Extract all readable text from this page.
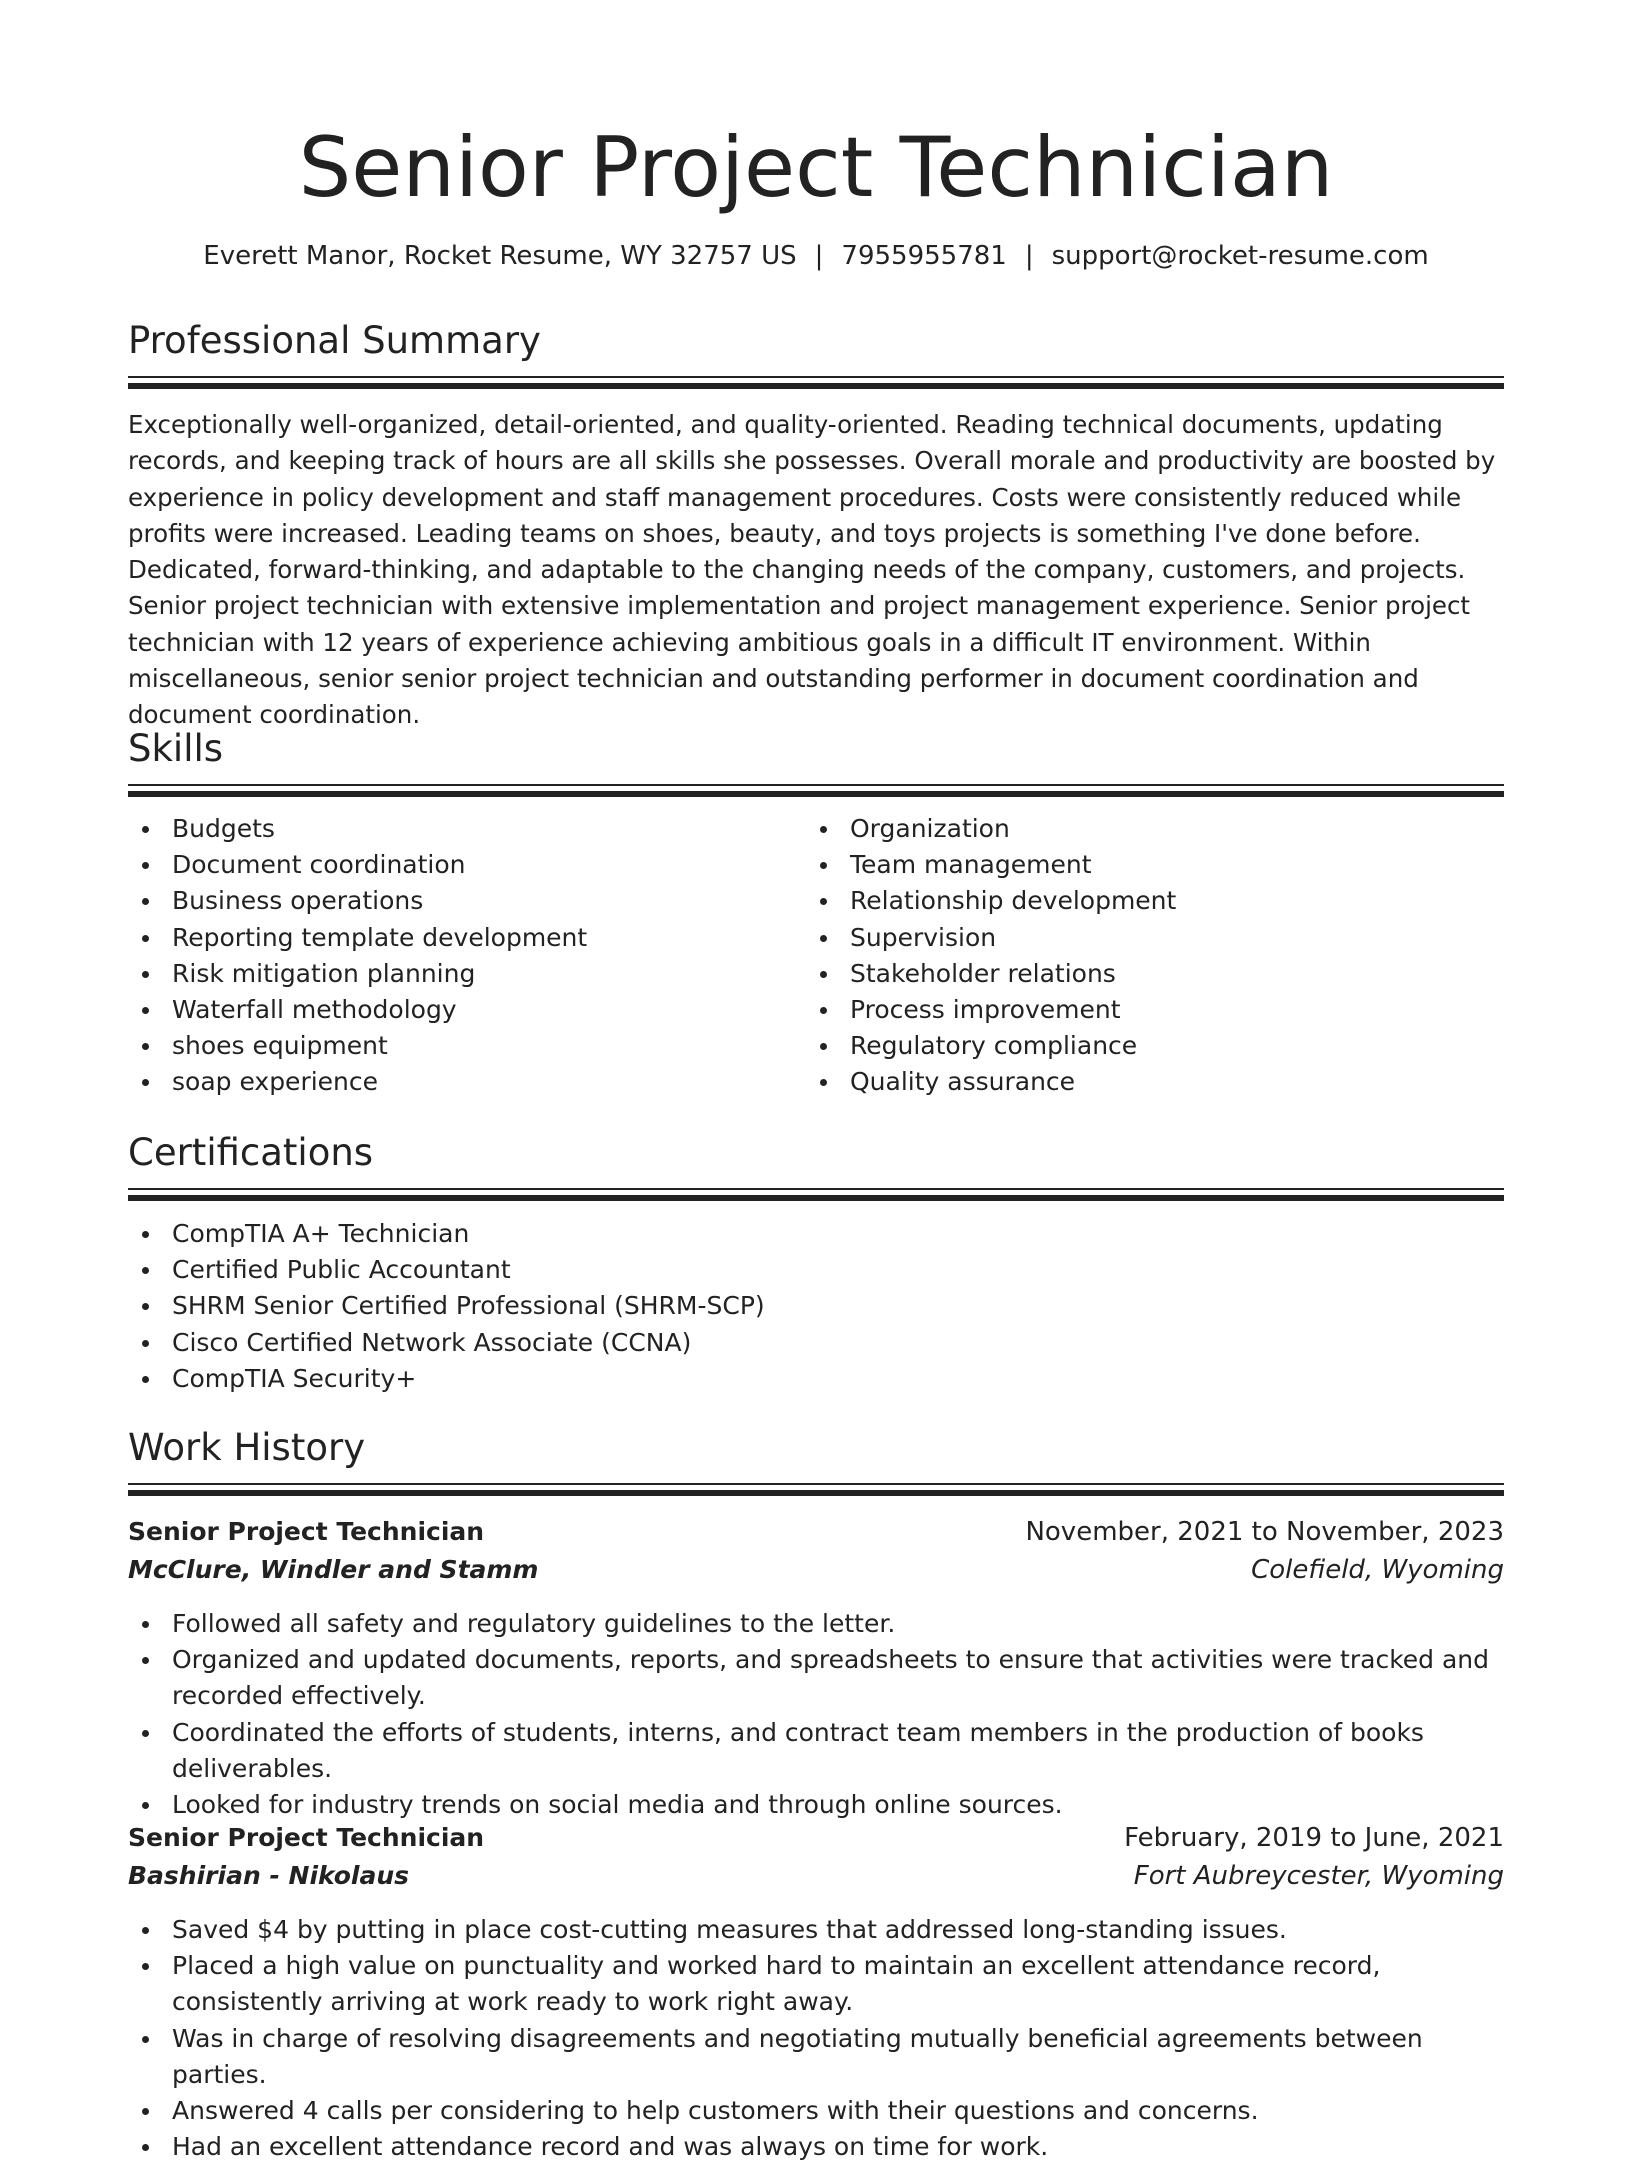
Senior Project Technician
Everett Manor, Rocket Resume, WY 32757 US | 7955955781 | support@rocket-resume.com
Professional Summary

Exceptionally well-organized, detail-oriented, and quality-oriented. Reading technical documents, updating records, and keeping track of hours are all skills she possesses. Overall morale and productivity are boosted by experience in policy development and staff management procedures. Costs were consistently reduced while profits were increased. Leading teams on shoes, beauty, and toys projects is something I've done before. Dedicated, forward-thinking, and adaptable to the changing needs of the company, customers, and projects. Senior project technician with extensive implementation and project management experience. Senior project technician with 12 years of experience achieving ambitious goals in a difficult IT environment. Within miscellaneous, senior senior project technician and outstanding performer in document coordination and document coordination.

Skills
Budgets
Document coordination
Business operations
Reporting template development
Risk mitigation planning
Waterfall methodology
shoes equipment
soap experience
Organization
Team management
Relationship development
Supervision
Stakeholder relations
Process improvement
Regulatory compliance
Quality assurance
Certifications
CompTIA A+ Technician
Certified Public Accountant
SHRM Senior Certified Professional (SHRM-SCP)
Cisco Certified Network Associate (CCNA)
CompTIA Security+
Work History
Senior Project Technician	November, 2021 to November, 2023
McClure, Windler and Stamm	Colefield, Wyoming
Followed all safety and regulatory guidelines to the letter.
Organized and updated documents, reports, and spreadsheets to ensure that activities were tracked and recorded effectively.
Coordinated the efforts of students, interns, and contract team members in the production of books deliverables.
Looked for industry trends on social media and through online sources.
Senior Project Technician	February, 2019 to June, 2021
Bashirian - Nikolaus	Fort Aubreycester, Wyoming
Saved $4 by putting in place cost-cutting measures that addressed long-standing issues.
Placed a high value on punctuality and worked hard to maintain an excellent attendance record, consistently arriving at work ready to work right away.
Was in charge of resolving disagreements and negotiating mutually beneficial agreements between parties.
Answered 4 calls per considering to help customers with their questions and concerns.
Had an excellent attendance record and was always on time for work.
